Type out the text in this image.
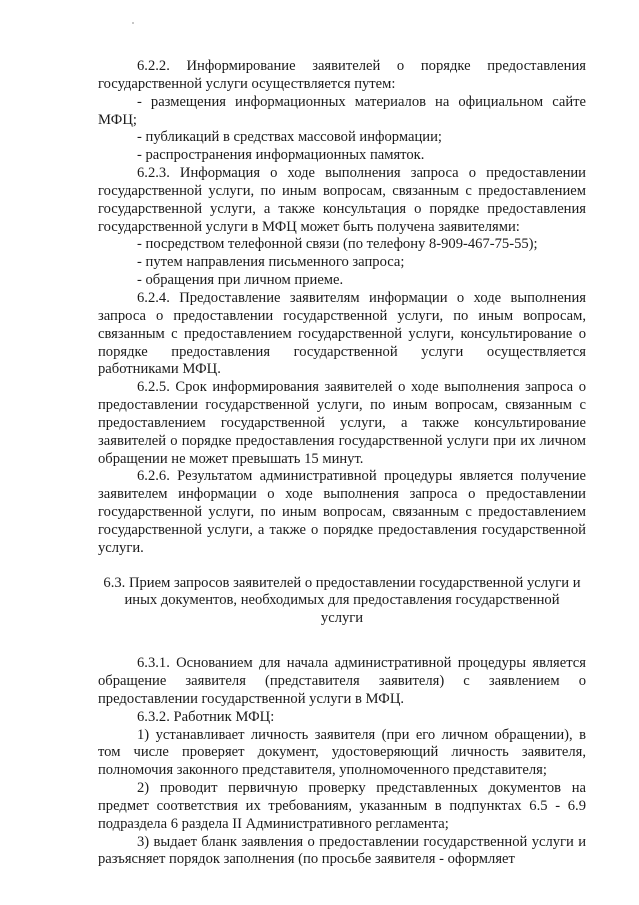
6.2.2. Информирование заявителей о порядке предоставления государственной услуги осуществляется путем:

- размещения информационных материалов на официальном сайте МФЦ;

- публикаций в средствах массовой информации;

- распространения информационных памяток.

6.2.3. Информация о ходе выполнения запроса о предоставлении государственной услуги, по иным вопросам, связанным с предоставлением государственной услуги, а также консультация о порядке предоставления государственной услуги в МФЦ может быть получена заявителями:

- посредством телефонной связи (по телефону 8-909-467-75-55);

- путем направления письменного запроса;

- обращения при личном приеме.

6.2.4. Предоставление заявителям информации о ходе выполнения запроса о предоставлении государственной услуги, по иным вопросам, связанным с предоставлением государственной услуги, консультирование о порядке предоставления государственной услуги осуществляется работниками МФЦ.

6.2.5. Срок информирования заявителей о ходе выполнения запроса о предоставлении государственной услуги, по иным вопросам, связанным с предоставлением государственной услуги, а также консультирование заявителей о порядке предоставления государственной услуги при их личном обращении не может превышать 15 минут.

6.2.6. Результатом административной процедуры является получение заявителем информации о ходе выполнения запроса о предоставлении государственной услуги, по иным вопросам, связанным с предоставлением государственной услуги, а также о порядке предоставления государственной услуги.

6.3. Прием запросов заявителей о предоставлении государственной услуги и иных документов, необходимых для предоставления государственной услуги

6.3.1. Основанием для начала административной процедуры является обращение заявителя (представителя заявителя) с заявлением о предоставлении государственной услуги в МФЦ.

6.3.2. Работник МФЦ:

1) устанавливает личность заявителя (при его личном обращении), в том числе проверяет документ, удостоверяющий личность заявителя, полномочия законного представителя, уполномоченного представителя;

2) проводит первичную проверку представленных документов на предмет соответствия их требованиям, указанным в подпунктах 6.5 - 6.9 подраздела 6 раздела II Административного регламента;

3) выдает бланк заявления о предоставлении государственной услуги и разъясняет порядок заполнения (по просьбе заявителя - оформляет
